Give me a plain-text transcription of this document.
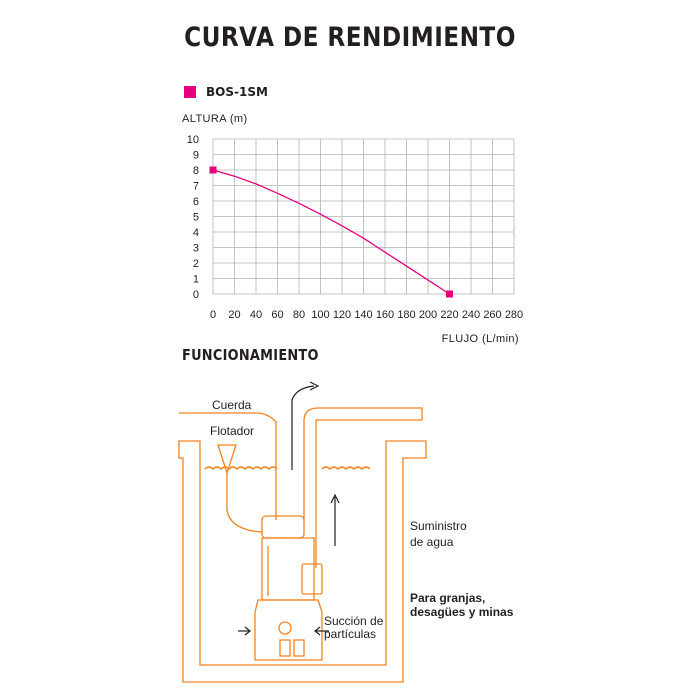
CURVA DE RENDIMIENTO
BOS-1SM
0 20 40 60 80 100 120 140 160 180 200 220 240 260 280
0
1
2
3
4
5
6
7
8
9
10
ALTURA (m)
FLUJO (L/min)
FUNCIONAMIENTO
Cuerda
Flotador
Suministro
de agua
Para granjas,
desagües y minas
Succión de
partículas
